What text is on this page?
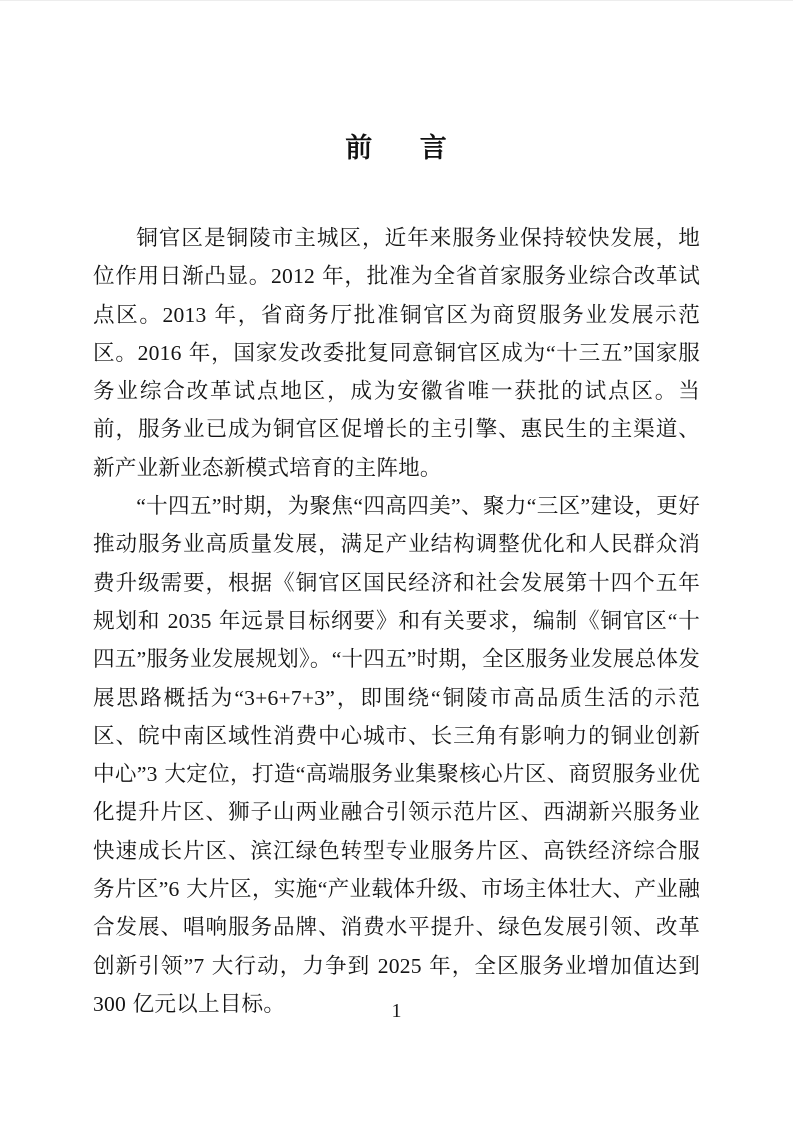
前 言

铜官区是铜陵市主城区，近年来服务业保持较快发展，地位作用日渐凸显。2012 年，批准为全省首家服务业综合改革试点区。2013 年，省商务厅批准铜官区为商贸服务业发展示范区。2016 年，国家发改委批复同意铜官区成为“十三五”国家服务业综合改革试点地区，成为安徽省唯一获批的试点区。当前，服务业已成为铜官区促增长的主引擎、惠民生的主渠道、新产业新业态新模式培育的主阵地。

“十四五”时期，为聚焦“四高四美”、聚力“三区”建设，更好推动服务业高质量发展，满足产业结构调整优化和人民群众消费升级需要，根据《铜官区国民经济和社会发展第十四个五年规划和 2035 年远景目标纲要》和有关要求，编制《铜官区“十四五”服务业发展规划》。“十四五”时期，全区服务业发展总体发展思路概括为“3+6+7+3”，即围绕“铜陵市高品质生活的示范区、皖中南区域性消费中心城市、长三角有影响力的铜业创新中心”3 大定位，打造“高端服务业集聚核心片区、商贸服务业优化提升片区、狮子山两业融合引领示范片区、西湖新兴服务业快速成长片区、滨江绿色转型专业服务片区、高铁经济综合服务片区”6 大片区，实施“产业载体升级、市场主体壮大、产业融合发展、唱响服务品牌、消费水平提升、绿色发展引领、改革创新引领”7 大行动，力争到 2025 年，全区服务业增加值达到 300 亿元以上目标。	1
